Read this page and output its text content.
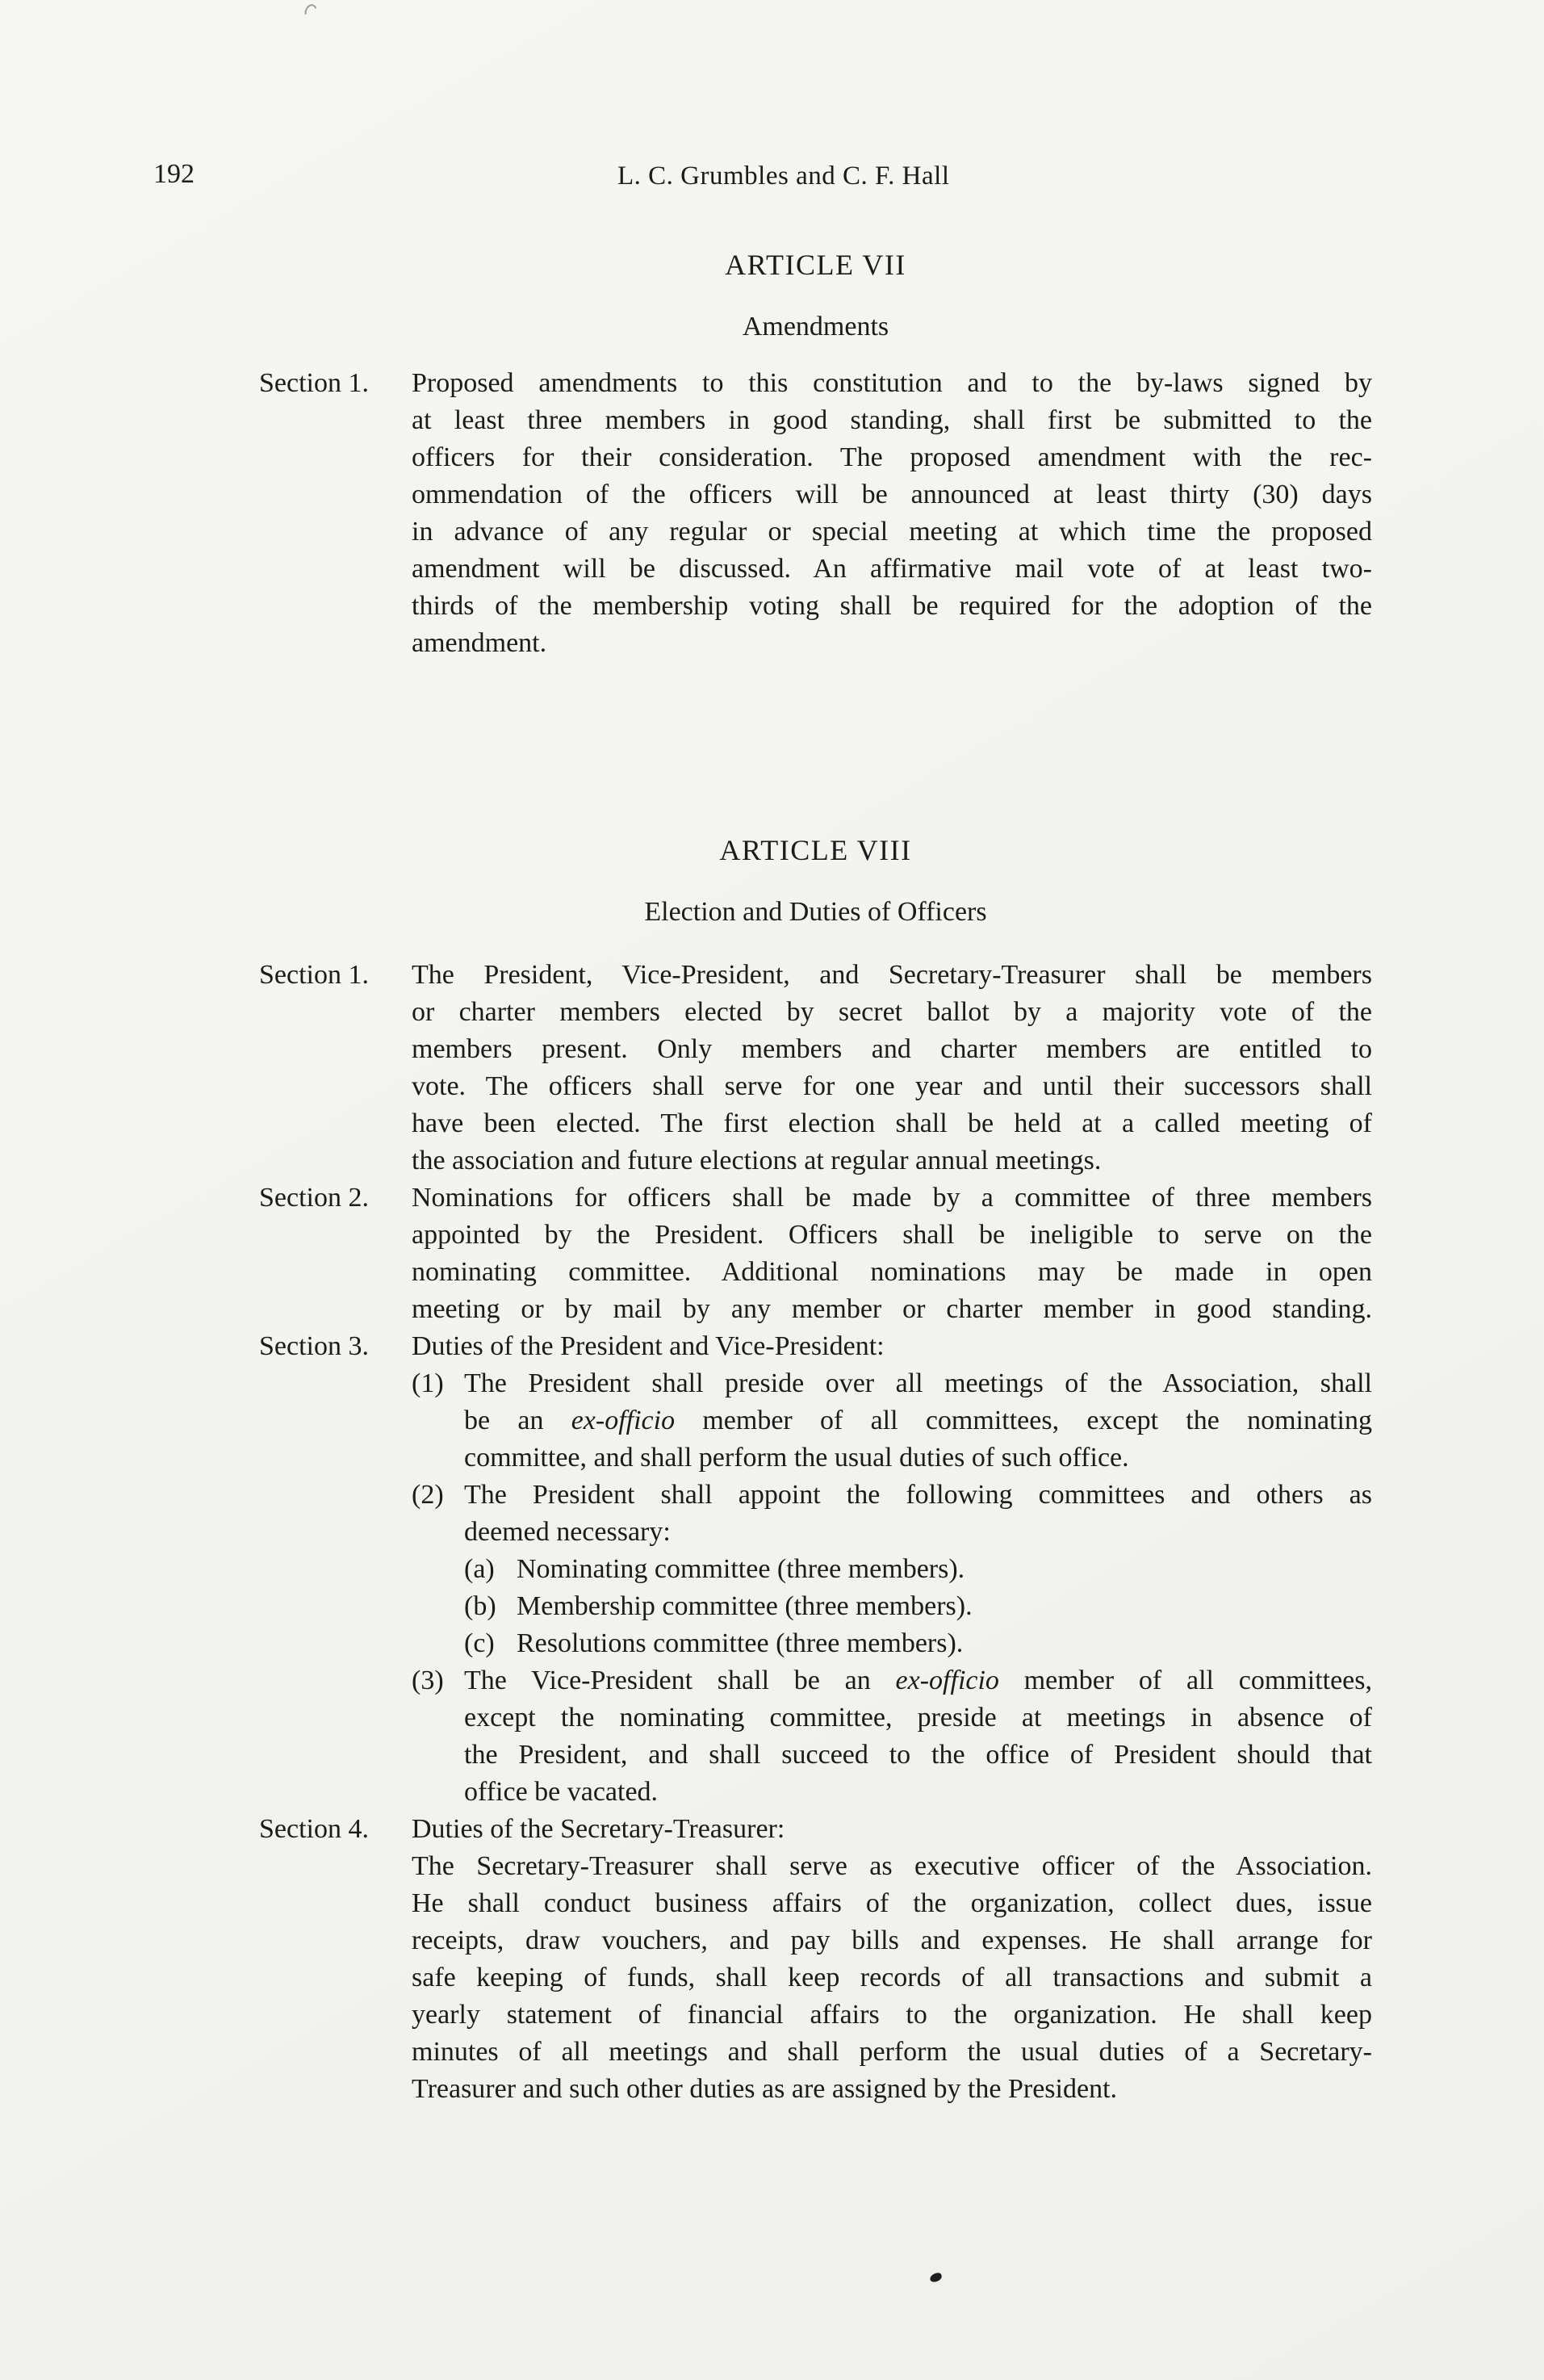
192	L. C. Grumbles and C. F. Hall
ARTICLE VII
Amendments
Section 1.	Proposed amendments to this constitution and to the by-laws signed by
at least three members in good standing, shall first be submitted to the
officers for their consideration. The proposed amendment with the rec-
ommendation of the officers will be announced at least thirty (30) days
in advance of any regular or special meeting at which time the proposed
amendment will be discussed. An affirmative mail vote of at least two-
thirds of the membership voting shall be required for the adoption of the
amendment.
ARTICLE VIII
Election and Duties of Officers
Section 1.	The President, Vice-President, and Secretary-Treasurer shall be members
or charter members elected by secret ballot by a majority vote of the
members present. Only members and charter members are entitled to
vote. The officers shall serve for one year and until their successors shall
have been elected. The first election shall be held at a called meeting of
the association and future elections at regular annual meetings.
Section 2.	Nominations for officers shall be made by a committee of three members
appointed by the President. Officers shall be ineligible to serve on the
nominating committee. Additional nominations may be made in open
meeting or by mail by any member or charter member in good standing.
Section 3.	Duties of the President and Vice-President:
(1) The President shall preside over all meetings of the Association, shall
be an ex-officio member of all committees, except the nominating
committee, and shall perform the usual duties of such office.
(2) The President shall appoint the following committees and others as
deemed necessary:
(a) Nominating committee (three members).
(b) Membership committee (three members).
(c) Resolutions committee (three members).
(3) The Vice-President shall be an ex-officio member of all committees,
except the nominating committee, preside at meetings in absence of
the President, and shall succeed to the office of President should that
office be vacated.
Section 4.	Duties of the Secretary-Treasurer:
The Secretary-Treasurer shall serve as executive officer of the Association.
He shall conduct business affairs of the organization, collect dues, issue
receipts, draw vouchers, and pay bills and expenses. He shall arrange for
safe keeping of funds, shall keep records of all transactions and submit a
yearly statement of financial affairs to the organization. He shall keep
minutes of all meetings and shall perform the usual duties of a Secretary-
Treasurer and such other duties as are assigned by the President.
